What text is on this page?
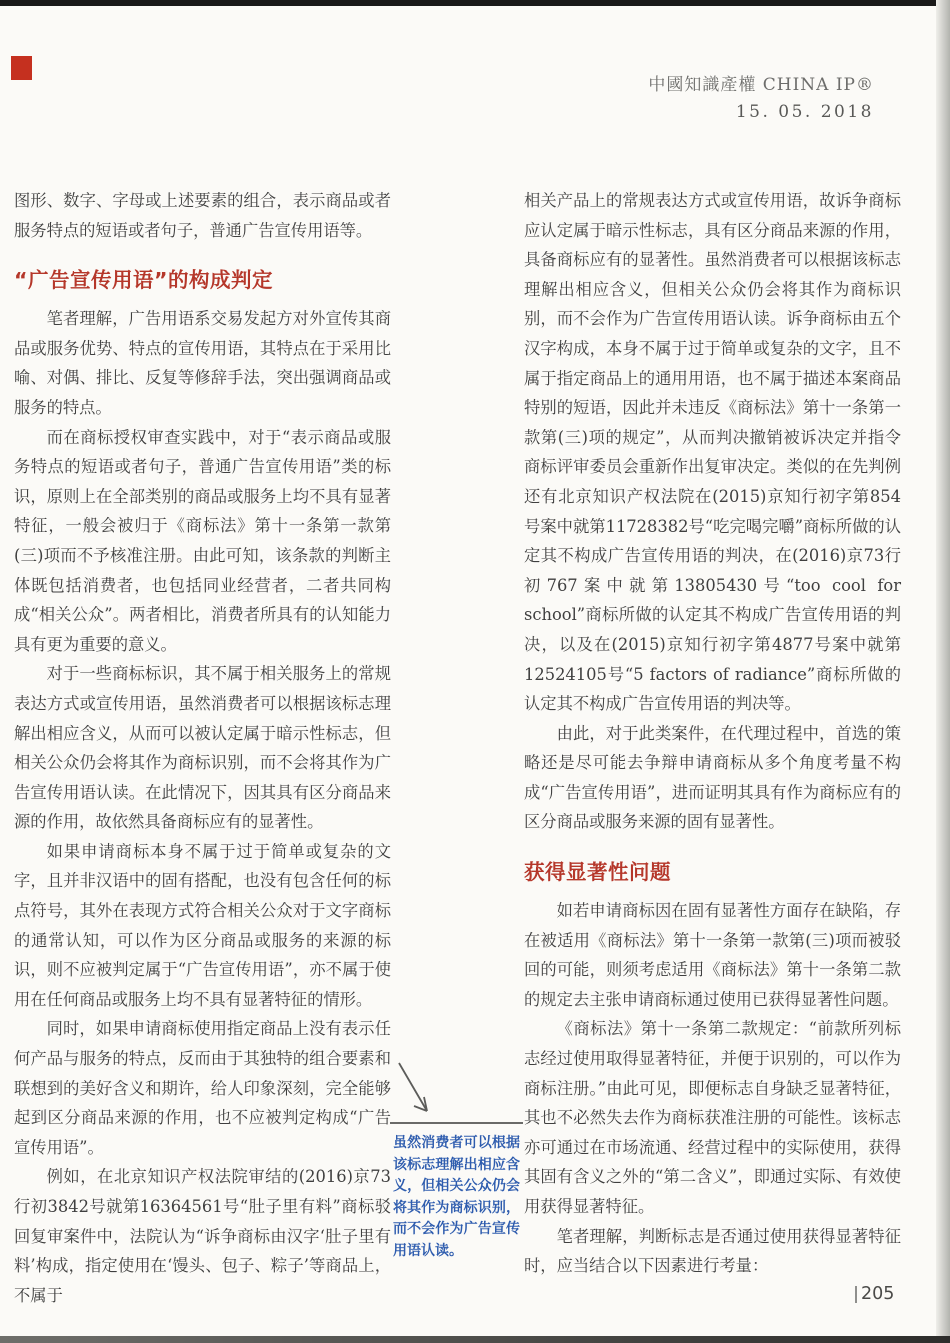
中國知識產權 CHINA IP®
15. 05. 2018

图形、数字、字母或上述要素的组合，表示商品或者服务特点的短语或者句子，普通广告宣传用语等。

“广告宣传用语”的构成判定

笔者理解，广告用语系交易发起方对外宣传其商品或服务优势、特点的宣传用语，其特点在于采用比喻、对偶、排比、反复等修辞手法，突出强调商品或服务的特点。

而在商标授权审查实践中，对于“表示商品或服务特点的短语或者句子，普通广告宣传用语”类的标识，原则上在全部类别的商品或服务上均不具有显著特征，一般会被归于《商标法》第十一条第一款第(三)项而不予核准注册。由此可知，该条款的判断主体既包括消费者，也包括同业经营者，二者共同构成“相关公众”。两者相比，消费者所具有的认知能力具有更为重要的意义。

对于一些商标标识，其不属于相关服务上的常规表达方式或宣传用语，虽然消费者可以根据该标志理解出相应含义，从而可以被认定属于暗示性标志，但相关公众仍会将其作为商标识别，而不会将其作为广告宣传用语认读。在此情况下，因其具有区分商品来源的作用，故依然具备商标应有的显著性。

如果申请商标本身不属于过于简单或复杂的文字，且并非汉语中的固有搭配，也没有包含任何的标点符号，其外在表现方式符合相关公众对于文字商标的通常认知，可以作为区分商品或服务的来源的标识，则不应被判定属于“广告宣传用语”，亦不属于使用在任何商品或服务上均不具有显著特征的情形。

同时，如果申请商标使用指定商品上没有表示任何产品与服务的特点，反而由于其独特的组合要素和联想到的美好含义和期许，给人印象深刻，完全能够起到区分商品来源的作用，也不应被判定构成“广告宣传用语”。

例如，在北京知识产权法院审结的(2016)京73行初3842号就第16364561号“肚子里有料”商标驳回复审案件中，法院认为“诉争商标由汉字‘肚子里有料’构成，指定使用在‘馒头、包子、粽子’等商品上，不属于

虽然消费者可以根据该标志理解出相应含义，但相关公众仍会将其作为商标识别，而不会作为广告宣传用语认读。

相关产品上的常规表达方式或宣传用语，故诉争商标应认定属于暗示性标志，具有区分商品来源的作用，具备商标应有的显著性。虽然消费者可以根据该标志理解出相应含义，但相关公众仍会将其作为商标识别，而不会作为广告宣传用语认读。诉争商标由五个汉字构成，本身不属于过于简单或复杂的文字，且不属于指定商品上的通用用语，也不属于描述本案商品特别的短语，因此并未违反《商标法》第十一条第一款第(三)项的规定”，从而判决撤销被诉决定并指令商标评审委员会重新作出复审决定。类似的在先判例还有北京知识产权法院在(2015)京知行初字第854号案中就第11728382号“吃完喝完嚼”商标所做的认定其不构成广告宣传用语的判决，在(2016)京73行初767案中就第13805430号“too cool for school”商标所做的认定其不构成广告宣传用语的判决，以及在(2015)京知行初字第4877号案中就第12524105号“5 factors of radiance”商标所做的认定其不构成广告宣传用语的判决等。

由此，对于此类案件，在代理过程中，首选的策略还是尽可能去争辩申请商标从多个角度考量不构成“广告宣传用语”，进而证明其具有作为商标应有的区分商品或服务来源的固有显著性。

获得显著性问题

如若申请商标因在固有显著性方面存在缺陷，存在被适用《商标法》第十一条第一款第(三)项而被驳回的可能，则须考虑适用《商标法》第十一条第二款的规定去主张申请商标通过使用已获得显著性问题。

《商标法》第十一条第二款规定：“前款所列标志经过使用取得显著特征，并便于识别的，可以作为商标注册。”由此可见，即便标志自身缺乏显著特征，其也不必然失去作为商标获准注册的可能性。该标志亦可通过在市场流通、经营过程中的实际使用，获得其固有含义之外的“第二含义”，即通过实际、有效使用获得显著特征。

笔者理解，判断标志是否通过使用获得显著特征时，应当结合以下因素进行考量：

205
